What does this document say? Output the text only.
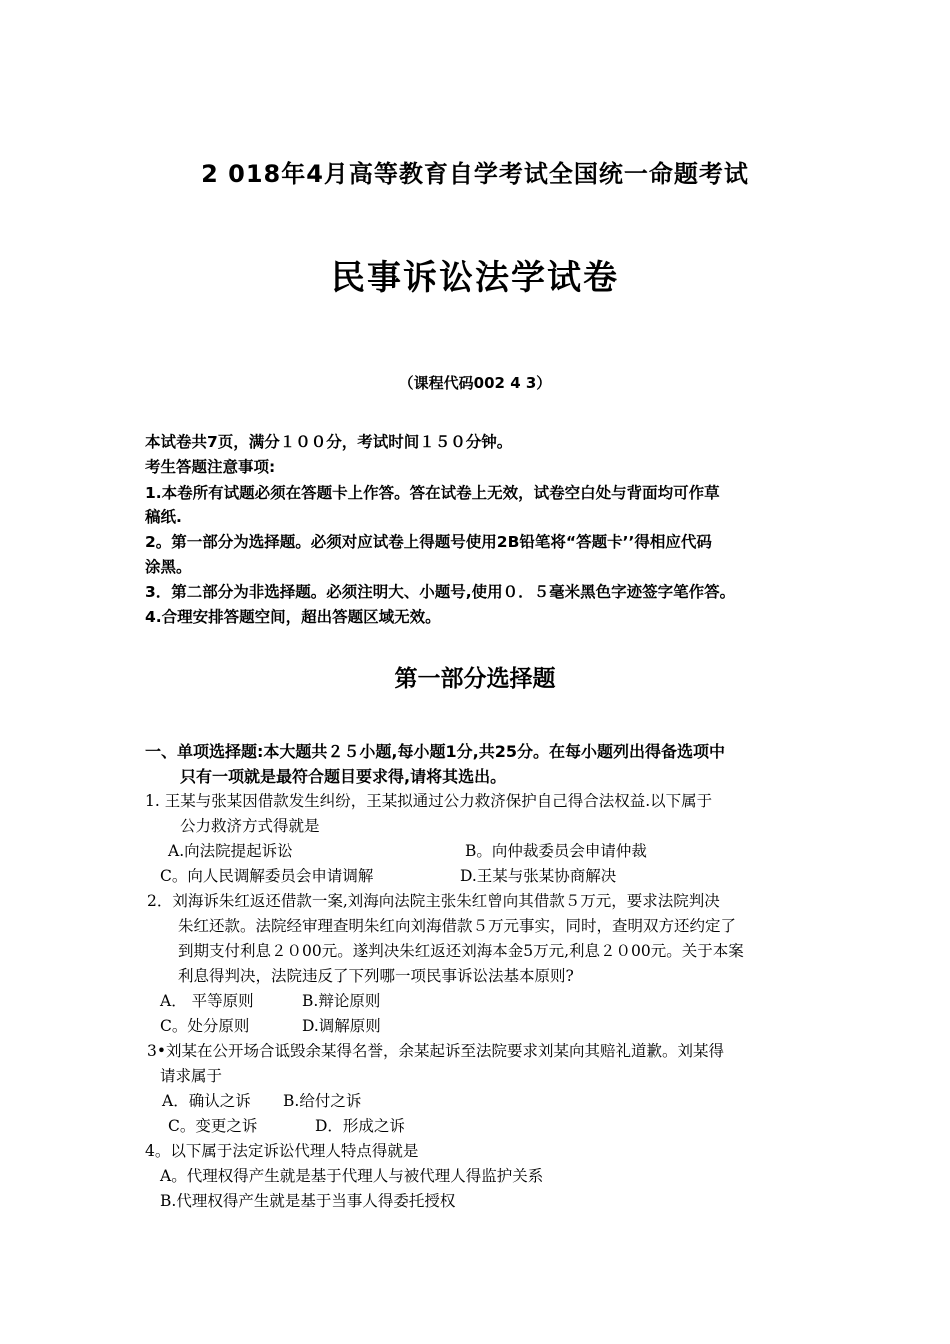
2 018年4月高等教育自学考试全国统一命题考试
民事诉讼法学试卷
（课程代码002 4 3）
本试卷共7页，满分１００分，考试时间１５０分钟。
考生答题注意事项:
1.本卷所有试题必须在答题卡上作答。答在试卷上无效，试卷空白处与背面均可作草
稿纸.
2。第一部分为选择题。必须对应试卷上得题号使用2B铅笔将“答题卡’’得相应代码
涂黑。
3．第二部分为非选择题。必须注明大、小题号,使用０．５毫米黑色字迹签字笔作答。
4.合理安排答题空间，超出答题区域无效。
第一部分选择题
一、单项选择题:本大题共２５小题,每小题1分,共25分。在每小题列出得备选项中
只有一项就是最符合题目要求得,请将其选出。
1. 王某与张某因借款发生纠纷，王某拟通过公力救济保护自己得合法权益.以下属于
公力救济方式得就是
A.向法院提起诉讼	B。向仲裁委员会申请仲裁
C。向人民调解委员会申请调解	D.王某与张某协商解决
2．刘海诉朱红返还借款一案,刘海向法院主张朱红曾向其借款５万元，要求法院判决
朱红还款。法院经审理查明朱红向刘海借款５万元事实，同时，查明双方还约定了
到期支付利息２０00元。遂判决朱红返还刘海本金5万元,利息２０00元。关于本案
利息得判决，法院违反了下列哪一项民事诉讼法基本原则?
A． 平等原则	B.辩论原则
C。处分原则	D.调解原则
3•刘某在公开场合诋毁余某得名誉，余某起诉至法院要求刘某向其赔礼道歉。刘某得
请求属于
A．确认之诉 B.给付之诉
C。变更之诉	D．形成之诉
4。以下属于法定诉讼代理人特点得就是
A。代理权得产生就是基于代理人与被代理人得监护关系
B.代理权得产生就是基于当事人得委托授权
